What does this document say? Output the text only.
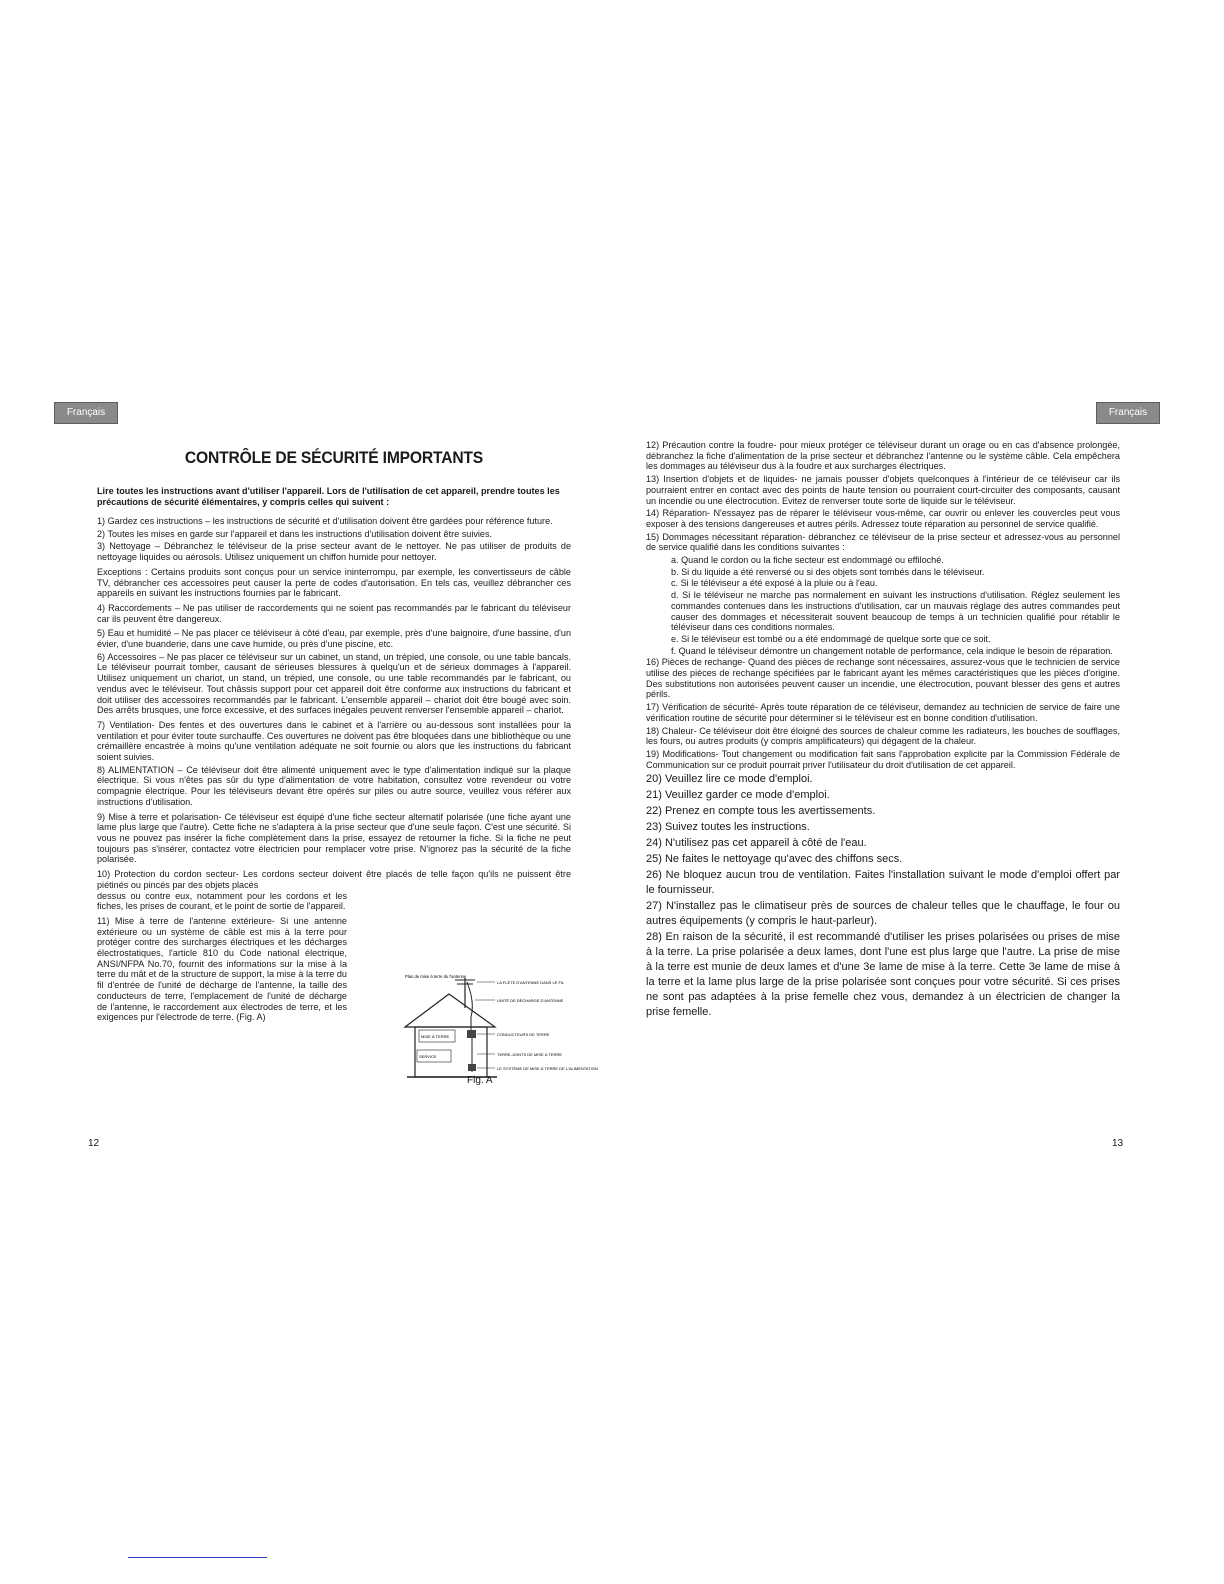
Français	Français
CONTRÔLE DE SÉCURITÉ IMPORTANTS
Lire toutes les instructions avant d'utiliser l'appareil. Lors de l'utilisation de cet appareil, prendre toutes les précautions de sécurité élémentaires, y compris celles qui suivent :

1) Gardez ces instructions – les instructions de sécurité et d'utilisation doivent être gardées pour référence future.

2) Toutes les mises en garde sur l'appareil et dans les instructions d'utilisation doivent être suivies.

3) Nettoyage – Débranchez le téléviseur de la prise secteur avant de le nettoyer. Ne pas utiliser de produits de nettoyage liquides ou aérosols. Utilisez uniquement un chiffon humide pour nettoyer.

Exceptions : Certains produits sont conçus pour un service ininterrompu, par exemple, les convertisseurs de câble TV, débrancher ces accessoires peut causer la perte de codes d'autorisation. En tels cas, veuillez débrancher ces appareils en suivant les instructions fournies par le fabricant.

4) Raccordements – Ne pas utiliser de raccordements qui ne soient pas recommandés par le fabricant du téléviseur car ils peuvent être dangereux.

5) Eau et humidité – Ne pas placer ce téléviseur à côté d'eau, par exemple, près d'une baignoire, d'une bassine, d'un évier, d'une buanderie, dans une cave humide, ou près d'une piscine, etc.

6) Accessoires – Ne pas placer ce téléviseur sur un cabinet, un stand, un trépied, une console, ou une table bancals. Le téléviseur pourrait tomber, causant de sérieuses blessures à quelqu'un et de sérieux dommages à l'appareil. Utilisez uniquement un chariot, un stand, un trépied, une console, ou une table recommandés par le fabricant, ou vendus avec le téléviseur. Tout châssis support pour cet appareil doit être conforme aux instructions du fabricant et doit utiliser des accessoires recommandés par le fabricant. L'ensemble appareil – chariot doit être bougé avec soin. Des arrêts brusques, une force excessive, et des surfaces inégales peuvent renverser l'ensemble appareil – chariot.

7) Ventilation- Des fentes et des ouvertures dans le cabinet et à l'arrière ou au-dessous sont installées pour la ventilation et pour éviter toute surchauffe. Ces ouvertures ne doivent pas être bloquées dans une bibliothèque ou une crémaillère encastrée à moins qu'une ventilation adéquate ne soit fournie ou alors que les instructions du fabricant soient suivies.

8) ALIMENTATION – Ce téléviseur doit être alimenté uniquement avec le type d'alimentation indiqué sur la plaque électrique. Si vous n'êtes pas sûr du type d'alimentation de votre habitation, consultez votre revendeur ou votre compagnie électrique. Pour les téléviseurs devant être opérés sur piles ou autre source, veuillez vous référer aux instructions d'utilisation.

9) Mise à terre et polarisation- Ce téléviseur est équipé d'une fiche secteur alternatif polarisée (une fiche ayant une lame plus large que l'autre). Cette fiche ne s'adaptera à la prise secteur que d'une seule façon. C'est une sécurité. Si vous ne pouvez pas insérer la fiche complètement dans la prise, essayez de retourner la fiche. Si la fiche ne peut toujours pas s'insérer, contactez votre électricien pour remplacer votre prise. N'ignorez pas la sécurité de la fiche polarisée.

10) Protection du cordon secteur- Les cordons secteur doivent être placés de telle façon qu'ils ne puissent être piétinés ou pincés par des objets placés

dessus ou contre eux, notamment pour les cordons et les fiches, les prises de courant, et le point de sortie de l'appareil.

11) Mise à terre de l'antenne extérieure- Si une antenne extérieure ou un système de câble est mis à la terre pour protéger contre des surcharges électriques et les décharges électrostatiques, l'article 810 du Code national électrique, ANSI/NFPA No.70, fournit des informations sur la mise à la terre du mât et de la structure de support, la mise à la terre du fil d'entrée de l'unité de décharge de l'antenne, la taille des conducteurs de terre, l'emplacement de l'unité de décharge de l'antenne, le raccordement aux électrodes de terre, et les exigences pur l'électrode de terre. (Fig. A)

Plan de mise à terre du l'antenne
LA FLÈTE D'ANTENNE DANS LE FIL
UNITÉ DE DÉCHARGE D'ANTENNE
MISE À TERRE	CONDUCTEURS DE TERRE
SERVICE	TERRE-JOINTS DE MISE À TERRE
LE SYSTÈME DE MISE À TERRE DE L'ALIMENTATION

12) Précaution contre la foudre- pour mieux protéger ce téléviseur durant un orage ou en cas d'absence prolongée, débranchez la fiche d'alimentation de la prise secteur et débranchez l'antenne ou le système câble. Cela empêchera les dommages au téléviseur dus à la foudre et aux surcharges électriques.

13) Insertion d'objets et de liquides- ne jamais pousser d'objets quelconques à l'intérieur de ce téléviseur car ils pourraient entrer en contact avec des points de haute tension ou pourraient court-circuiter des composants, causant un incendie ou une électrocution. Evitez de renverser toute sorte de liquide sur le téléviseur.

14) Réparation- N'essayez pas de réparer le téléviseur vous-même, car ouvrir ou enlever les couvercles peut vous exposer à des tensions dangereuses et autres périls. Adressez toute réparation au personnel de service qualifié.

15) Dommages nécessitant réparation- débranchez ce téléviseur de la prise secteur et adressez-vous au personnel de service qualifié dans les conditions suivantes :

a. Quand le cordon ou la fiche secteur est endommagé ou effiloché.

b. Si du liquide a été renversé ou si des objets sont tombés dans le téléviseur.

c. Si le téléviseur a été exposé à la pluie ou à l'eau.

d. Si le téléviseur ne marche pas normalement en suivant les instructions d'utilisation. Réglez seulement les commandes contenues dans les instructions d'utilisation, car un mauvais réglage des autres commandes peut causer des dommages et nécessiterait souvent beaucoup de temps à un technicien qualifié pour rétablir le téléviseur dans ces conditions normales.

e. Si le téléviseur est tombé ou a été endommagé de quelque sorte que ce soit.

f. Quand le téléviseur démontre un changement notable de performance, cela indique le besoin de réparation.

16) Pièces de rechange- Quand des pièces de rechange sont nécessaires, assurez-vous que le technicien de service utilise des pièces de rechange spécifiées par le fabricant ayant les mêmes caractéristiques que les pièces d'origine. Des substitutions non autorisées peuvent causer un incendie, une électrocution, pouvant blesser des gens et autres périls.

17) Vérification de sécurité- Après toute réparation de ce téléviseur, demandez au technicien de service de faire une vérification routine de sécurité pour déterminer si le téléviseur est en bonne condition d'utilisation.

18) Chaleur- Ce téléviseur doit être éloigné des sources de chaleur comme les radiateurs, les bouches de soufflages, les fours, ou autres produits (y compris amplificateurs) qui dégagent de la chaleur.

19) Modifications- Tout changement ou modification fait sans l'approbation explicite par la Commission Fédérale de Communication sur ce produit pourrait priver l'utilisateur du droit d'utilisation de cet appareil.

20) Veuillez lire ce mode d'emploi.

21) Veuillez garder ce mode d'emploi.

22) Prenez en compte tous les avertissements.

23) Suivez toutes les instructions.

24) N'utilisez pas cet appareil à côté de l'eau.

25) Ne faites le nettoyage qu'avec des chiffons secs.

26) Ne bloquez aucun trou de ventilation. Faites l'installation suivant le mode d'emploi offert par le fournisseur.

27) N'installez pas le climatiseur près de sources de chaleur telles que le chauffage, le four ou autres équipements (y compris le haut-parleur).

28) En raison de la sécurité, il est recommandé d'utiliser les prises polarisées ou prises de mise à la terre. La prise polarisée a deux lames, dont l'une est plus large que l'autre. La prise de mise à la terre est munie de deux lames et d'une 3e lame de mise à la terre. Cette 3e lame de mise à la terre et la lame plus large de la prise polarisée sont conçues pour votre sécurité. Si ces prises ne sont pas adaptées à la prise femelle chez vous, demandez à un électricien de changer la prise femelle.

Fig. A
12	13
